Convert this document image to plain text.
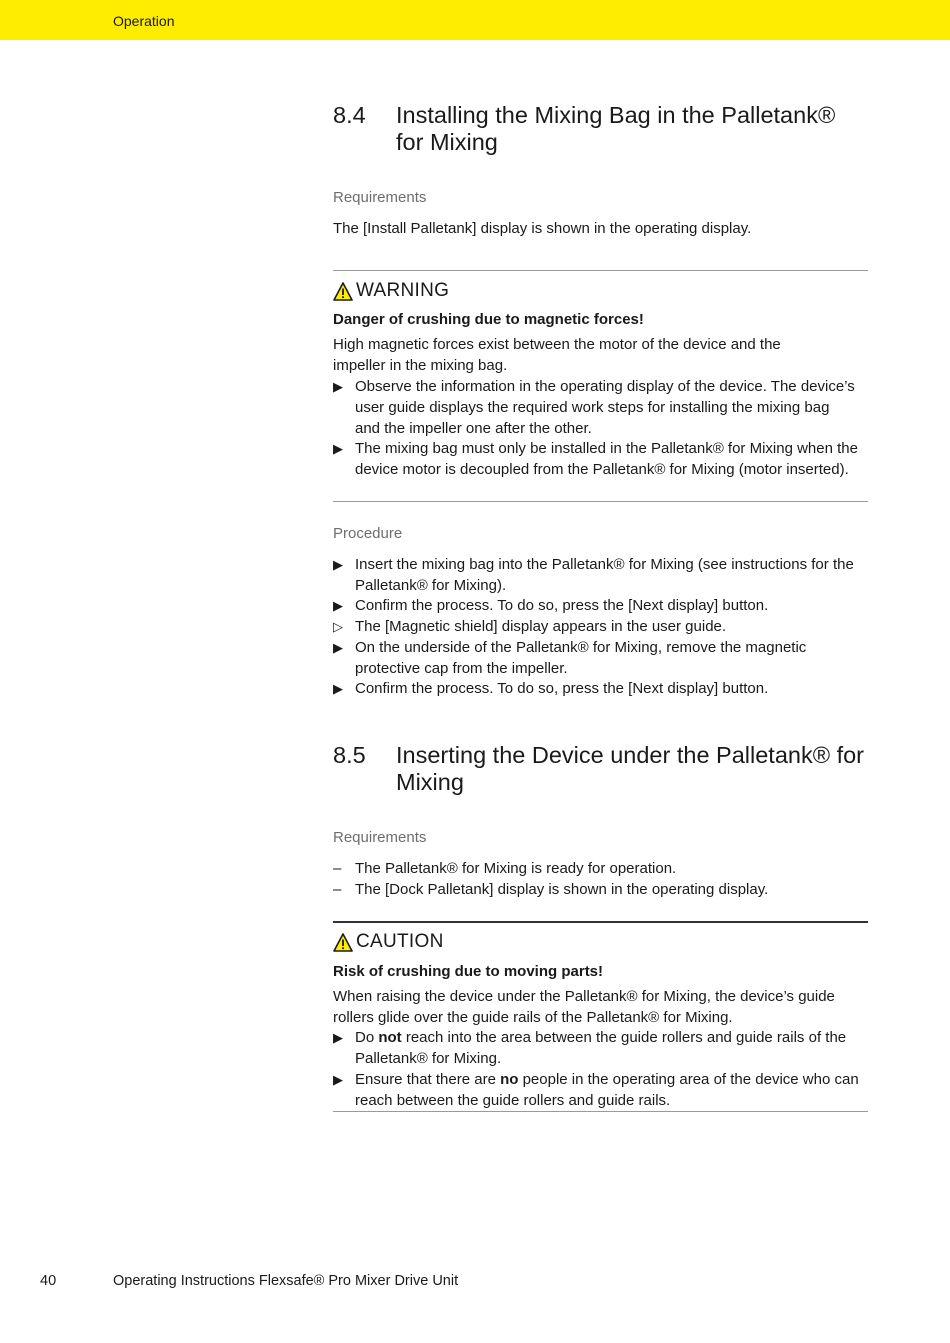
Operation
8.4 Installing the Mixing Bag in the Palletank® for Mixing
Requirements
The [Install Palletank] display is shown in the operating display.
WARNING
Danger of crushing due to magnetic forces!
High magnetic forces exist between the motor of the device and the impeller in the mixing bag.
▶ Observe the information in the operating display of the device. The device’s user guide displays the required work steps for installing the mixing bag and the impeller one after the other.
▶ The mixing bag must only be installed in the Palletank® for Mixing when the device motor is decoupled from the Palletank® for Mixing (motor inserted).
Procedure
▶ Insert the mixing bag into the Palletank® for Mixing (see instructions for the Palletank® for Mixing).
▶ Confirm the process. To do so, press the [Next display] button.
▷ The [Magnetic shield] display appears in the user guide.
▶ On the underside of the Palletank® for Mixing, remove the magnetic protective cap from the impeller.
▶ Confirm the process. To do so, press the [Next display] button.
8.5 Inserting the Device under the Palletank® for Mixing
Requirements
– The Palletank® for Mixing is ready for operation.
– The [Dock Palletank] display is shown in the operating display.
CAUTION
Risk of crushing due to moving parts!
When raising the device under the Palletank® for Mixing, the device’s guide rollers glide over the guide rails of the Palletank® for Mixing.
▶ Do not reach into the area between the guide rollers and guide rails of the Palletank® for Mixing.
▶ Ensure that there are no people in the operating area of the device who can reach between the guide rollers and guide rails.
40	Operating Instructions Flexsafe® Pro Mixer Drive Unit
